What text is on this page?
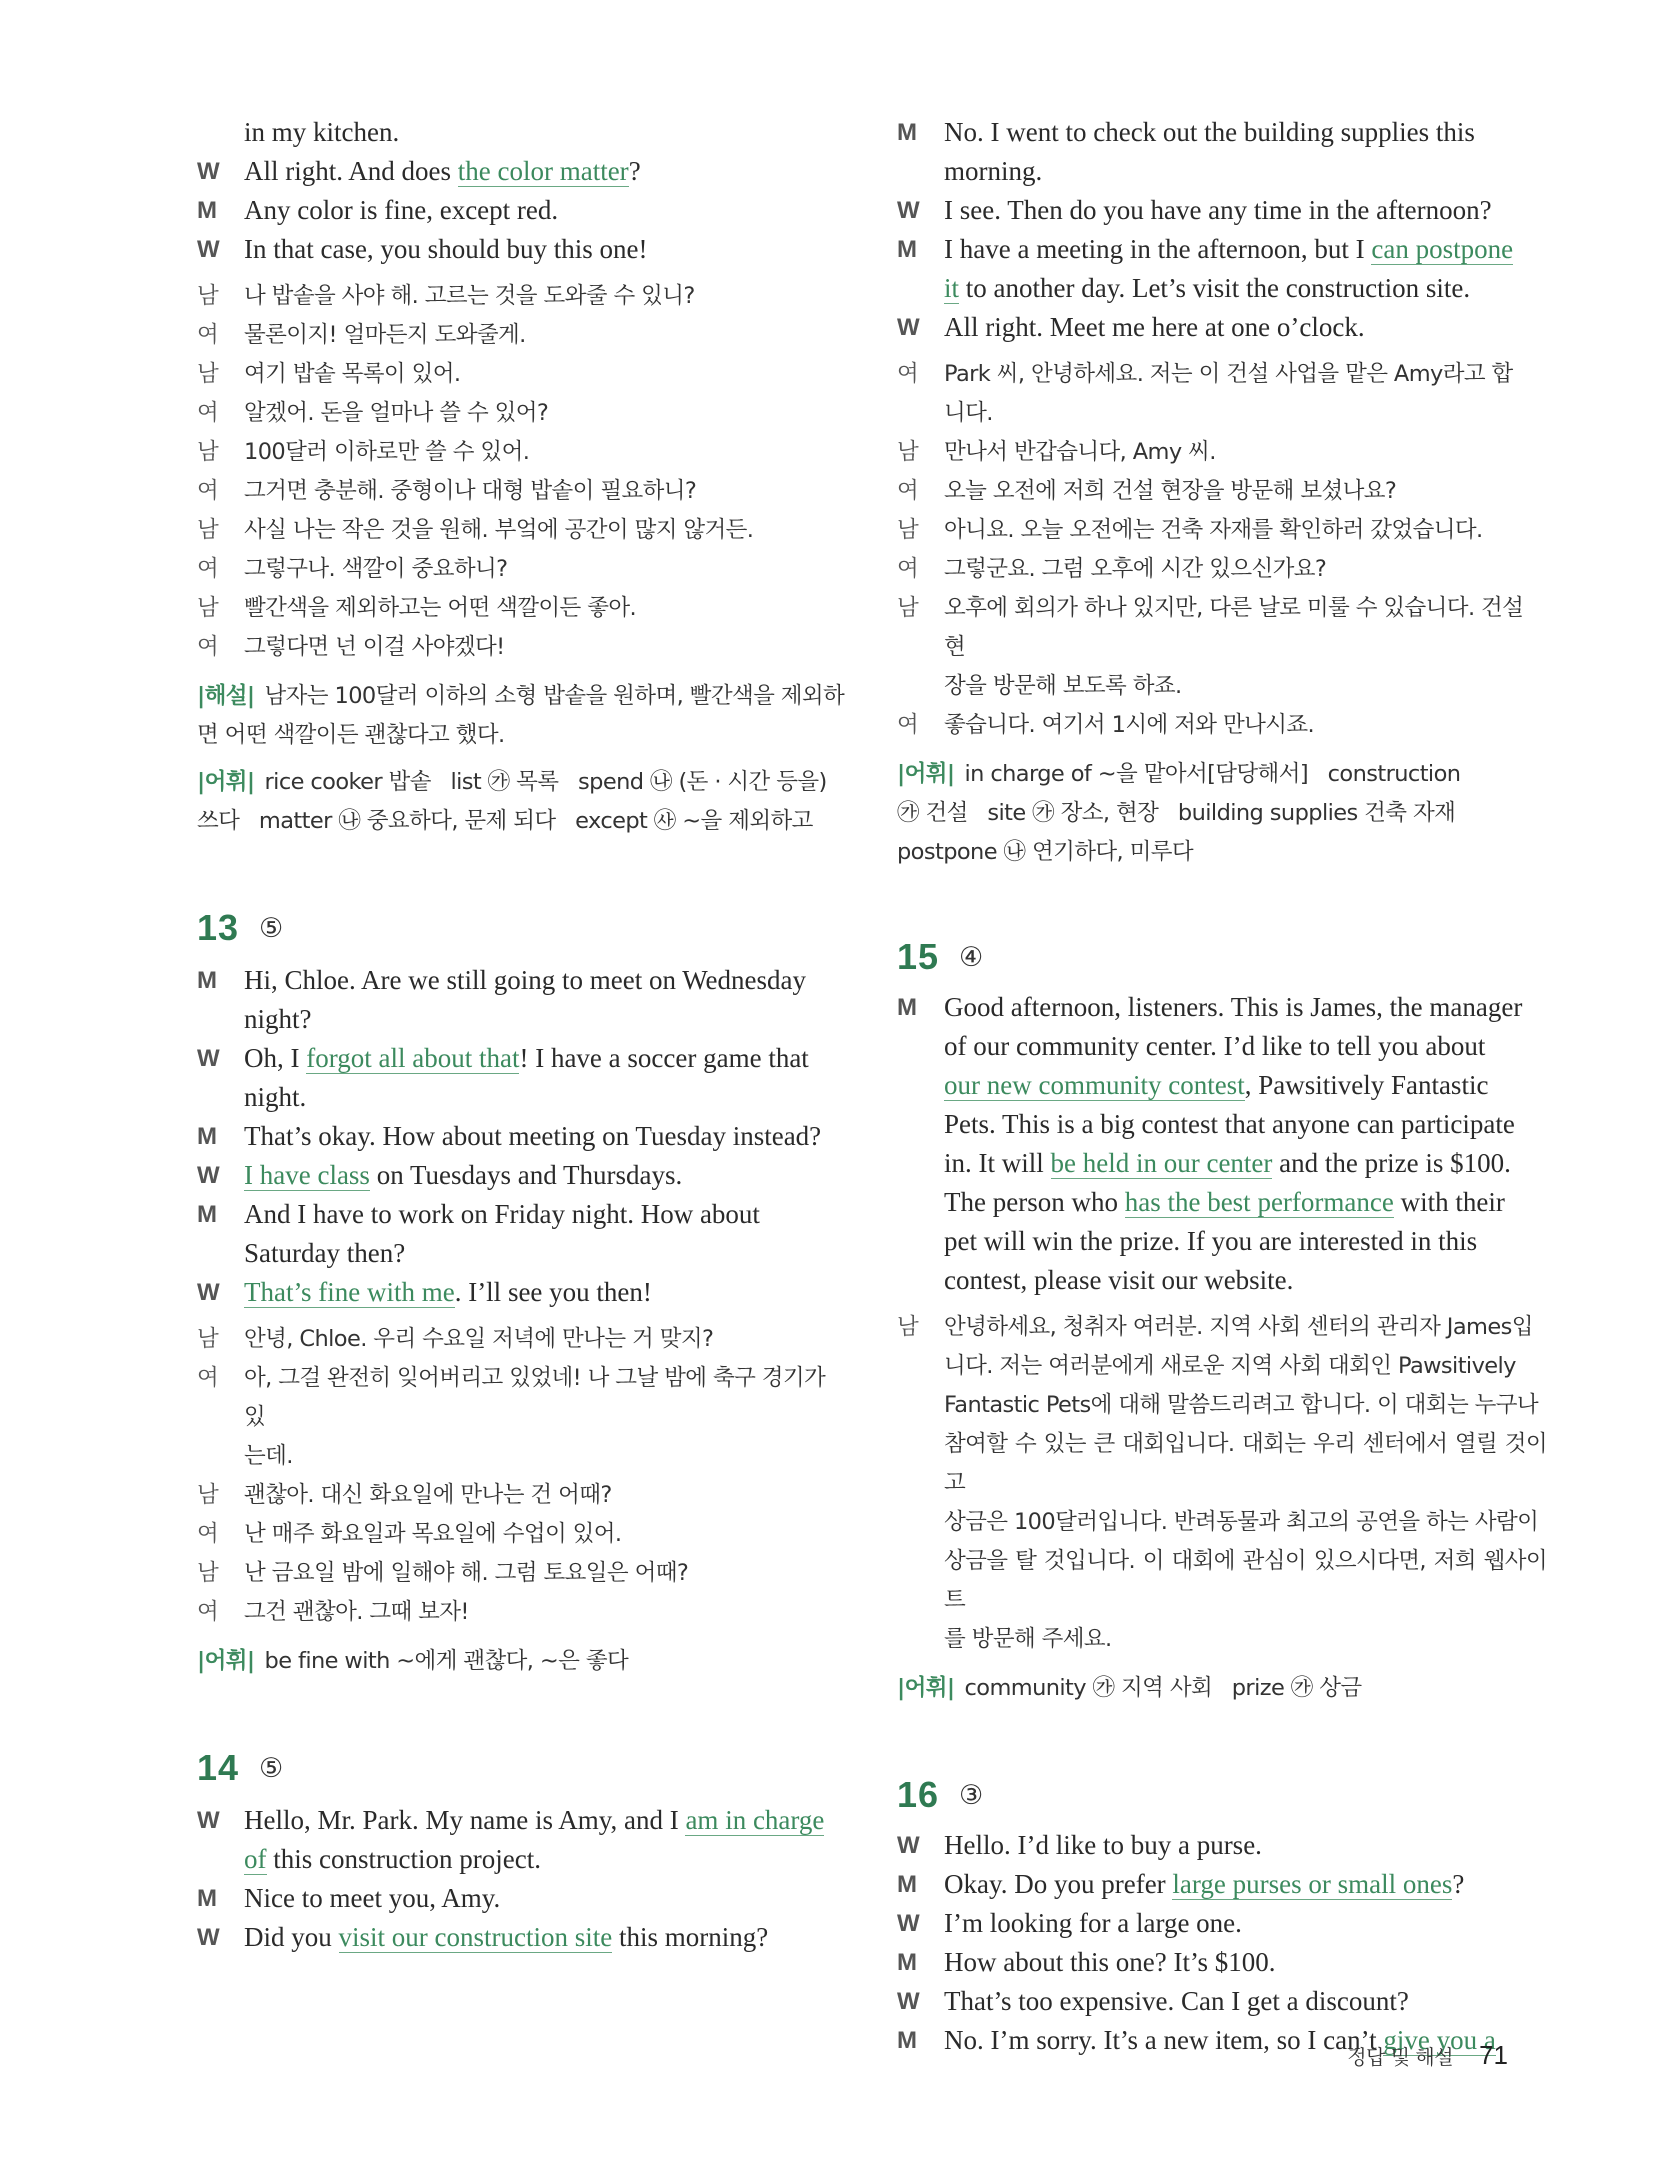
in my kitchen.
W All right. And does the color matter?
M	Any color is fine, except red.
W In that case, you should buy this one!
남	나 밥솥을 사야 해. 고르는 것을 도와줄 수 있니?
여	물론이지! 얼마든지 도와줄게.
남	여기 밥솥 목록이 있어.
여	알겠어. 돈을 얼마나 쓸 수 있어?
남	100달러 이하로만 쓸 수 있어.
여	그거면 충분해. 중형이나 대형 밥솥이 필요하니?
남	사실 나는 작은 것을 원해. 부엌에 공간이 많지 않거든.
여	그렇구나. 색깔이 중요하니?
남	빨간색을 제외하고는 어떤 색깔이든 좋아.
여	그렇다면 넌 이걸 사야겠다!
|해설| 남자는 100달러 이하의 소형 밥솥을 원하며, 빨간색을 제외하
면 어떤 색깔이든 괜찮다고 했다.
|어휘| rice cooker 밥솥   list ㉮ 목록   spend ㉯ (돈 · 시간 등을)
쓰다   matter ㉯ 중요하다, 문제 되다   except ㉴ ~을 제외하고
13 ⑤
M	Hi, Chloe. Are we still going to meet on Wednesday
night?
W Oh, I forgot all about that! I have a soccer game that
night.
M	That’s okay. How about meeting on Tuesday instead?
W I have class on Tuesdays and Thursdays.
M	And I have to work on Friday night. How about
Saturday then?
W That’s fine with me. I’ll see you then!
남	안녕, Chloe. 우리 수요일 저녁에 만나는 거 맞지?
여	아, 그걸 완전히 잊어버리고 있었네! 나 그날 밤에 축구 경기가 있
는데.
남	괜찮아. 대신 화요일에 만나는 건 어때?
여	난 매주 화요일과 목요일에 수업이 있어.
남	난 금요일 밤에 일해야 해. 그럼 토요일은 어때?
여	그건 괜찮아. 그때 보자!
|어휘| be fine with ~에게 괜찮다, ~은 좋다
14 ⑤
W Hello, Mr. Park. My name is Amy, and I am in charge
of this construction project.
M	Nice to meet you, Amy.
W Did you visit our construction site this morning?
M	No. I went to check out the building supplies this
morning.
W I see. Then do you have any time in the afternoon?
M	I have a meeting in the afternoon, but I can postpone
it to another day. Let’s visit the construction site.
W All right. Meet me here at one o’clock.
여	Park 씨, 안녕하세요. 저는 이 건설 사업을 맡은 Amy라고 합
니다.
남	만나서 반갑습니다, Amy 씨.
여	오늘 오전에 저희 건설 현장을 방문해 보셨나요?
남	아니요. 오늘 오전에는 건축 자재를 확인하러 갔었습니다.
여	그렇군요. 그럼 오후에 시간 있으신가요?
남	오후에 회의가 하나 있지만, 다른 날로 미룰 수 있습니다. 건설 현
장을 방문해 보도록 하죠.
여	좋습니다. 여기서 1시에 저와 만나시죠.
|어휘| in charge of ~을 맡아서[담당해서]   construction
㉮ 건설   site ㉮ 장소, 현장   building supplies 건축 자재
postpone ㉯ 연기하다, 미루다
15 ④
M	Good afternoon, listeners. This is James, the manager
of our community center. I’d like to tell you about
our new community contest, Pawsitively Fantastic
Pets. This is a big contest that anyone can participate
in. It will be held in our center and the prize is $100.
The person who has the best performance with their
pet will win the prize. If you are interested in this
contest, please visit our website.
남	안녕하세요, 청취자 여러분. 지역 사회 센터의 관리자 James입
니다. 저는 여러분에게 새로운 지역 사회 대회인 Pawsitively
Fantastic Pets에 대해 말씀드리려고 합니다. 이 대회는 누구나
참여할 수 있는 큰 대회입니다. 대회는 우리 센터에서 열릴 것이고
상금은 100달러입니다. 반려동물과 최고의 공연을 하는 사람이
상금을 탈 것입니다. 이 대회에 관심이 있으시다면, 저희 웹사이트
를 방문해 주세요.
|어휘| community ㉮ 지역 사회   prize ㉮ 상금
16 ③
W Hello. I’d like to buy a purse.
M	Okay. Do you prefer large purses or small ones?
W I’m looking for a large one.
M	How about this one? It’s $100.
W That’s too expensive. Can I get a discount?
M	No. I’m sorry. It’s a new item, so I can’t give you a
정답 및 해설 71
